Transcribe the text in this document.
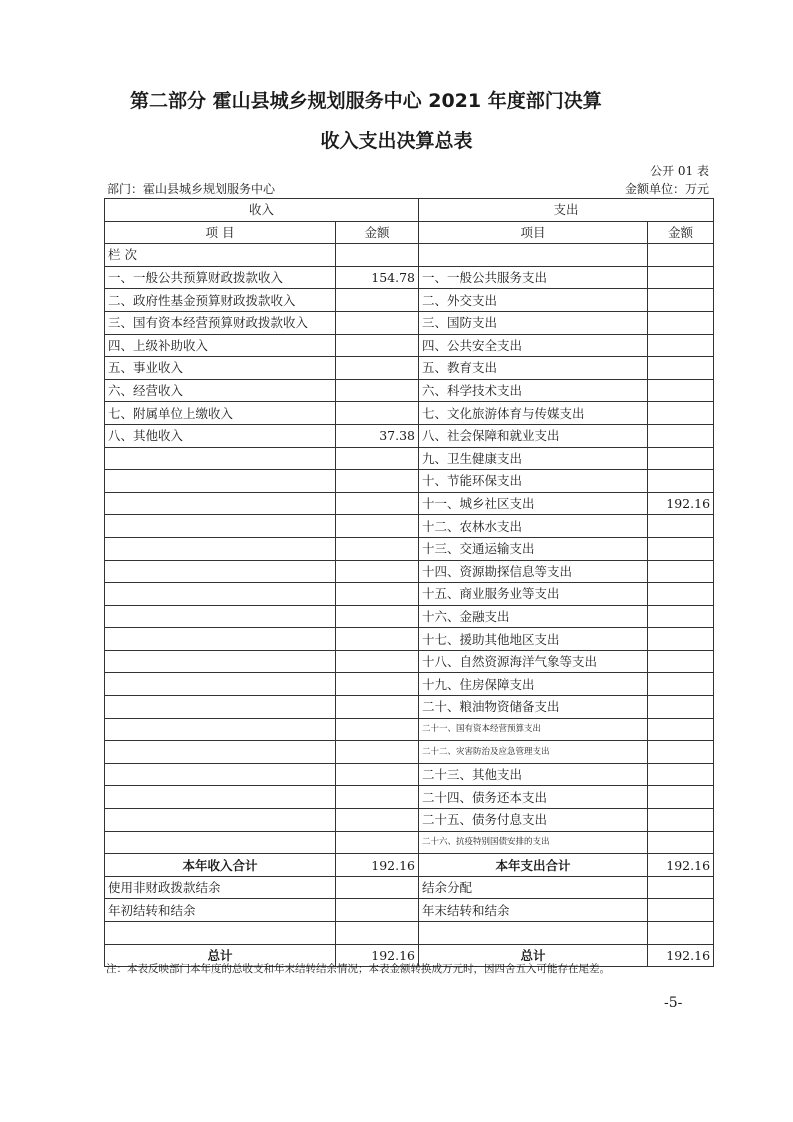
第二部分 霍山县城乡规划服务中心 2021 年度部门决算
收入支出决算总表
公开 01 表
部门：霍山县城乡规划服务中心	金额单位：万元
收入		支出	
项 目	金额	项目	金额
栏 次			
一、一般公共预算财政拨款收入	154.78	一、一般公共服务支出	
二、政府性基金预算财政拨款收入		二、外交支出	
三、国有资本经营预算财政拨款收入		三、国防支出	
四、上级补助收入		四、公共安全支出	
五、事业收入		五、教育支出	
六、经营收入		六、科学技术支出	
七、附属单位上缴收入		七、文化旅游体育与传媒支出	
八、其他收入	37.38	八、社会保障和就业支出	
		九、卫生健康支出	
		十、节能环保支出	
		十一、城乡社区支出	192.16
		十二、农林水支出	
		十三、交通运输支出	
		十四、资源勘探信息等支出	
		十五、商业服务业等支出	
		十六、金融支出	
		十七、援助其他地区支出	
		十八、自然资源海洋气象等支出	
		十九、住房保障支出	
		二十、粮油物资储备支出	
		二十一、国有资本经营预算支出	
		二十二、灾害防治及应急管理支出	
		二十三、其他支出	
		二十四、债务还本支出	
		二十五、债务付息支出	
		二十六、抗疫特别国债安排的支出	
本年收入合计	192.16	本年支出合计	192.16
使用非财政拨款结余		结余分配	
年初结转和结余		年末结转和结余	

总计	192.16	总计	192.16
注：本表反映部门本年度的总收支和年末结转结余情况；本表金额转换成万元时，因四舍五入可能存在尾差。
-5-
